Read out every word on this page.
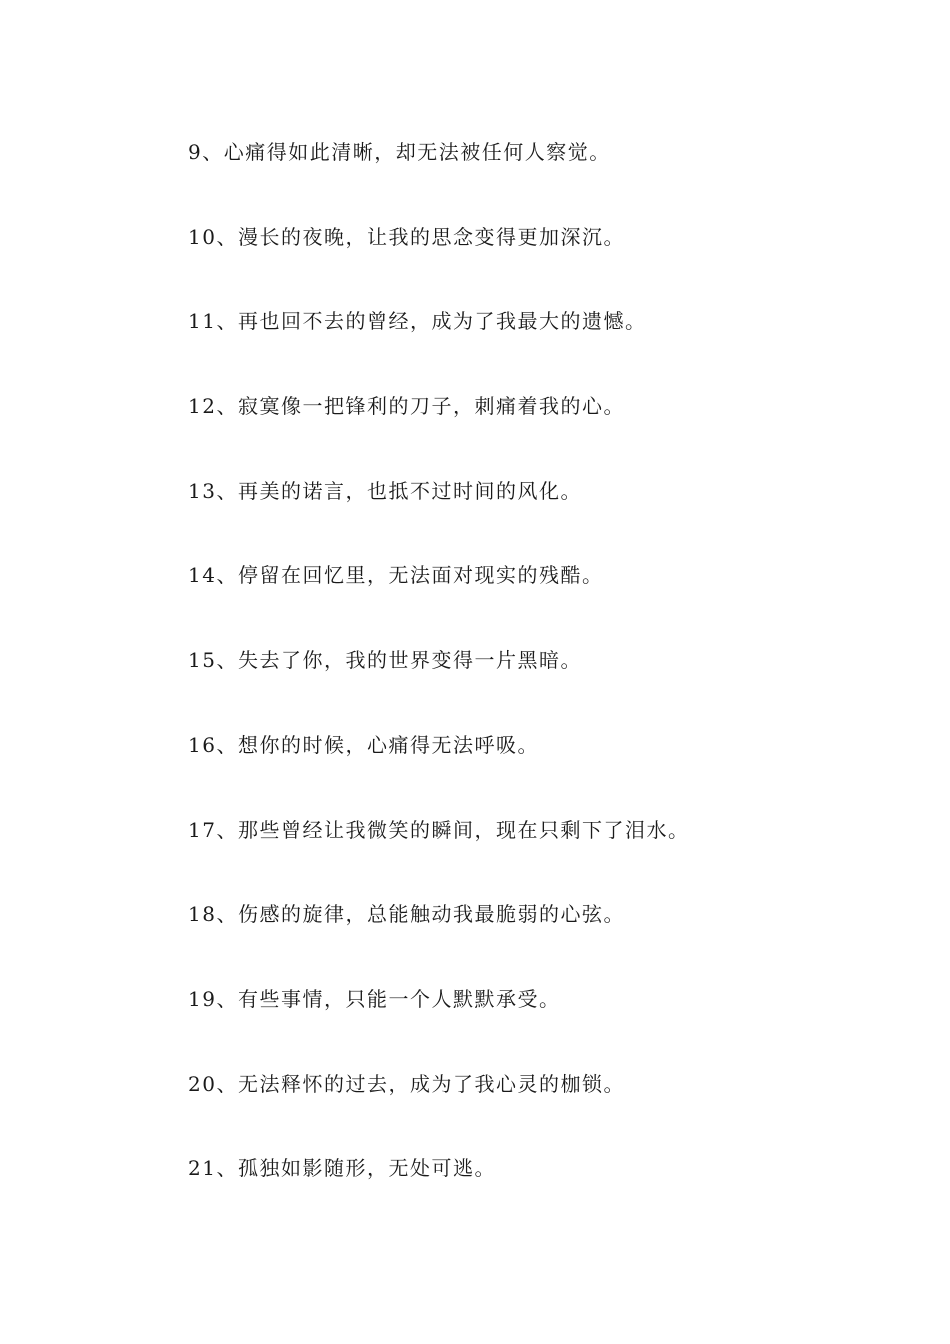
9、心痛得如此清晰，却无法被任何人察觉。
10、漫长的夜晚，让我的思念变得更加深沉。
11、再也回不去的曾经，成为了我最大的遗憾。
12、寂寞像一把锋利的刀子，刺痛着我的心。
13、再美的诺言，也抵不过时间的风化。
14、停留在回忆里，无法面对现实的残酷。
15、失去了你，我的世界变得一片黑暗。
16、想你的时候，心痛得无法呼吸。
17、那些曾经让我微笑的瞬间，现在只剩下了泪水。
18、伤感的旋律，总能触动我最脆弱的心弦。
19、有些事情，只能一个人默默承受。
20、无法释怀的过去，成为了我心灵的枷锁。
21、孤独如影随形，无处可逃。
